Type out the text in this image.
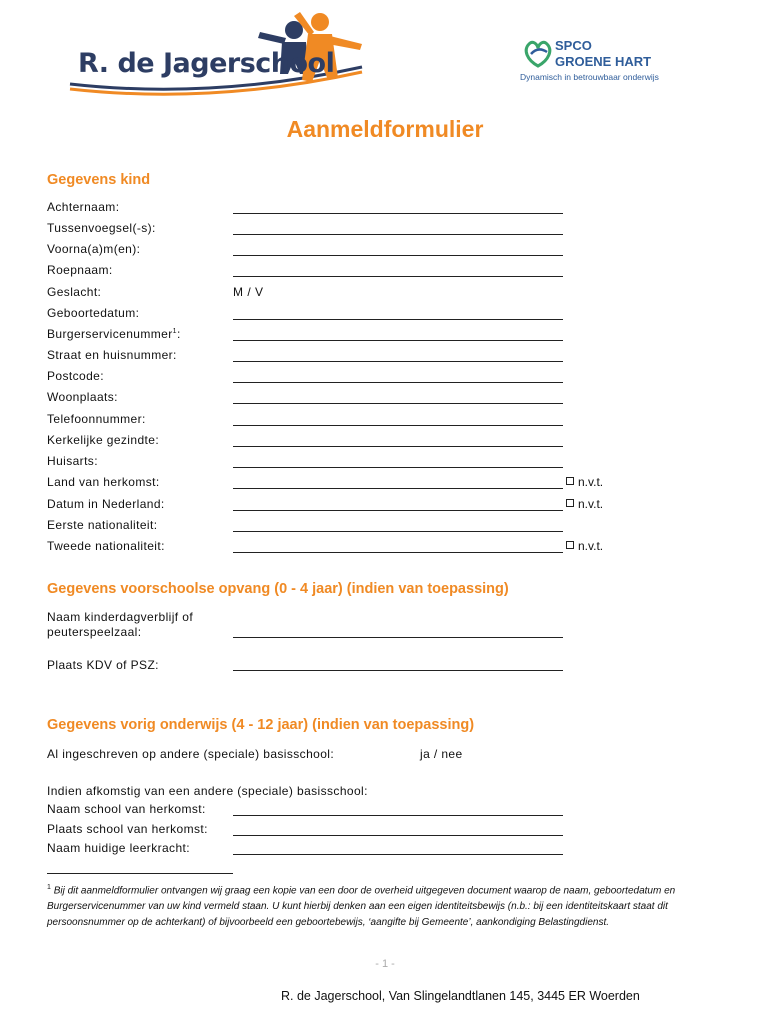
R. de Jagerschool
SPCO
GROENE HART
Dynamisch in betrouwbaar onderwijs
Aanmeldformulier
Gegevens kind
Achternaam:
Tussenvoegsel(-s):
Voorna(a)m(en):
Roepnaam:
Geslacht:	M / V
Geboortedatum:
Burgerservicenummer$^1$:
Straat en huisnummer:
Postcode:
Woonplaats:
Telefoonnummer:
Kerkelijke gezindte:
Huisarts:
Land van herkomst:	n.v.t.
Datum in Nederland:	n.v.t.
Eerste nationaliteit:
Tweede nationaliteit:	n.v.t.
Gegevens voorschoolse opvang (0 - 4 jaar) (indien van toepassing)
Naam kinderdagverblijf of
peuterspeelzaal:
Plaats KDV of PSZ:
Gegevens vorig onderwijs (4 - 12 jaar) (indien van toepassing)
Al ingeschreven op andere (speciale) basisschool:	ja / nee
Indien afkomstig van een andere (speciale) basisschool:
Naam school van herkomst:
Plaats school van herkomst:
Naam huidige leerkracht:
$^1$ Bij dit aanmeldformulier ontvangen wij graag een kopie van een door de overheid uitgegeven document waarop de naam, geboortedatum en Burgerservicenummer van uw kind vermeld staan. U kunt hierbij denken aan een eigen identiteitsbewijs (n.b.: bij een identiteitskaart staat dit persoonsnummer op de achterkant) of bijvoorbeeld een geboortebewijs, ‘aangifte bij Gemeente’, aankondiging Belastingdienst.
- 1 -
R. de Jagerschool, Van Slingelandtlanen 145, 3445 ER Woerden
